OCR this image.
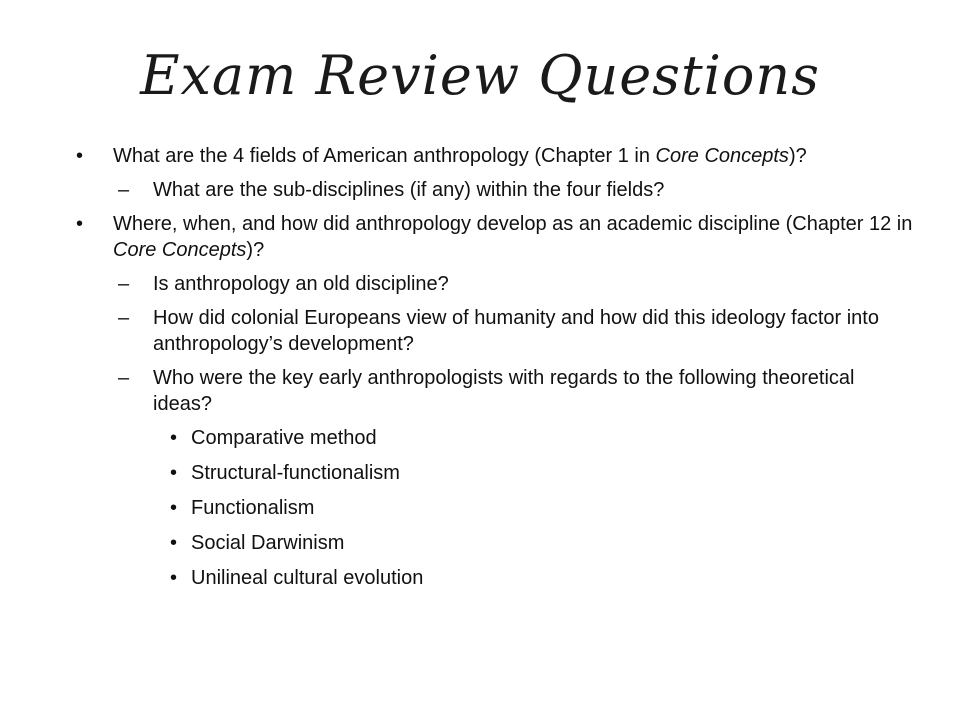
Exam Review Questions
• What are the 4 fields of American anthropology (Chapter 1 in Core Concepts)?
– What are the sub-disciplines (if any) within the four fields?
• Where, when, and how did anthropology develop as an academic discipline (Chapter 12 in Core Concepts)?
– Is anthropology an old discipline?
– How did colonial Europeans view of humanity and how did this ideology factor into anthropology’s development?
– Who were the key early anthropologists with regards to the following theoretical ideas?
• Comparative method
• Structural-functionalism
• Functionalism
• Social Darwinism
• Unilineal cultural evolution
